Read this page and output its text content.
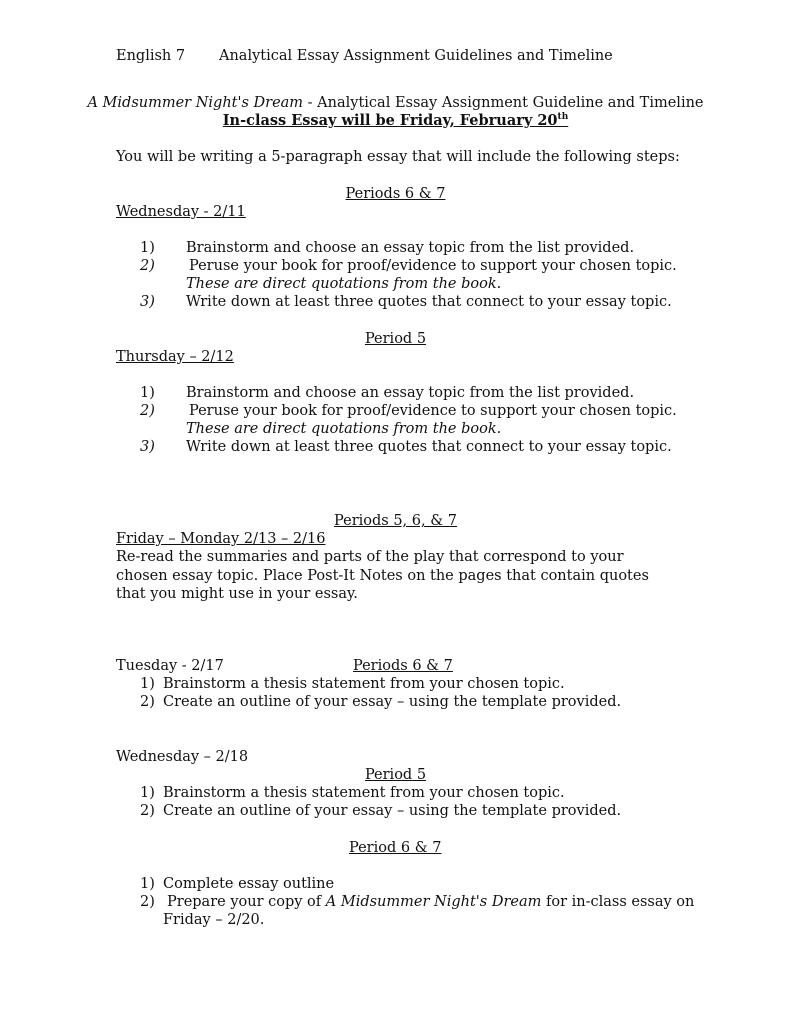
English 7 Analytical Essay Assignment Guidelines and Timeline
A Midsummer Night's Dream - Analytical Essay Assignment Guideline and Timeline
In-class Essay will be Friday, February 20th
You will be writing a 5-paragraph essay that will include the following steps:
Periods 6 & 7
Wednesday - 2/11
1) Brainstorm and choose an essay topic from the list provided.
2) Peruse your book for proof/evidence to support your chosen topic.
These are direct quotations from the book.
3) Write down at least three quotes that connect to your essay topic.
Period 5
Thursday – 2/12
1) Brainstorm and choose an essay topic from the list provided.
2) Peruse your book for proof/evidence to support your chosen topic.
These are direct quotations from the book.
3) Write down at least three quotes that connect to your essay topic.
Periods 5, 6, & 7
Friday – Monday 2/13 – 2/16
Re-read the summaries and parts of the play that correspond to your chosen essay topic. Place Post-It Notes on the pages that contain quotes that you might use in your essay.
Tuesday - 2/17	Periods 6 & 7
1) Brainstorm a thesis statement from your chosen topic.
2) Create an outline of your essay – using the template provided.
Wednesday – 2/18
Period 5
1) Brainstorm a thesis statement from your chosen topic.
2) Create an outline of your essay – using the template provided.
Period 6 & 7
1) Complete essay outline
2) Prepare your copy of A Midsummer Night's Dream for in-class essay on
Friday – 2/20.
